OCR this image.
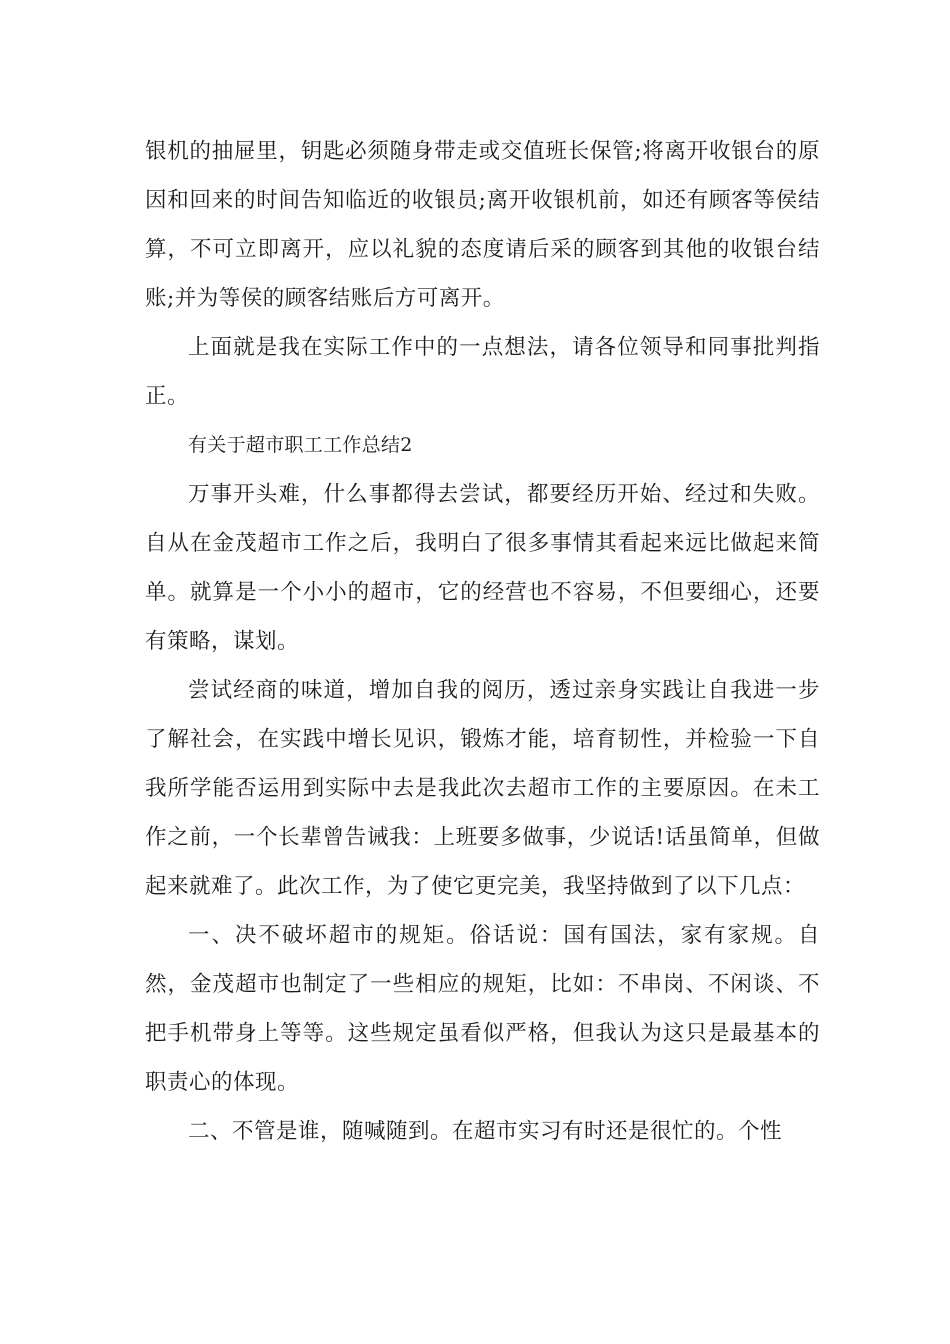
银机的抽屉里，钥匙必须随身带走或交值班长保管;将离开收银台的原因和回来的时间告知临近的收银员;离开收银机前，如还有顾客等侯结算，不可立即离开，应以礼貌的态度请后采的顾客到其他的收银台结账;并为等侯的顾客结账后方可离开。

上面就是我在实际工作中的一点想法，请各位领导和同事批判指正。

有关于超市职工工作总结2

万事开头难，什么事都得去尝试，都要经历开始、经过和失败。自从在金茂超市工作之后，我明白了很多事情其看起来远比做起来简单。就算是一个小小的超市，它的经营也不容易，不但要细心，还要有策略，谋划。

尝试经商的味道，增加自我的阅历，透过亲身实践让自我进一步了解社会，在实践中增长见识，锻炼才能，培育韧性，并检验一下自我所学能否运用到实际中去是我此次去超市工作的主要原因。在未工作之前，一个长辈曾告诫我：上班要多做事，少说话!话虽简单，但做起来就难了。此次工作，为了使它更完美，我坚持做到了以下几点：

一、决不破坏超市的规矩。俗话说：国有国法，家有家规。自然，金茂超市也制定了一些相应的规矩，比如：不串岗、不闲谈、不把手机带身上等等。这些规定虽看似严格，但我认为这只是最基本的职责心的体现。

二、不管是谁，随喊随到。在超市实习有时还是很忙的。个性
